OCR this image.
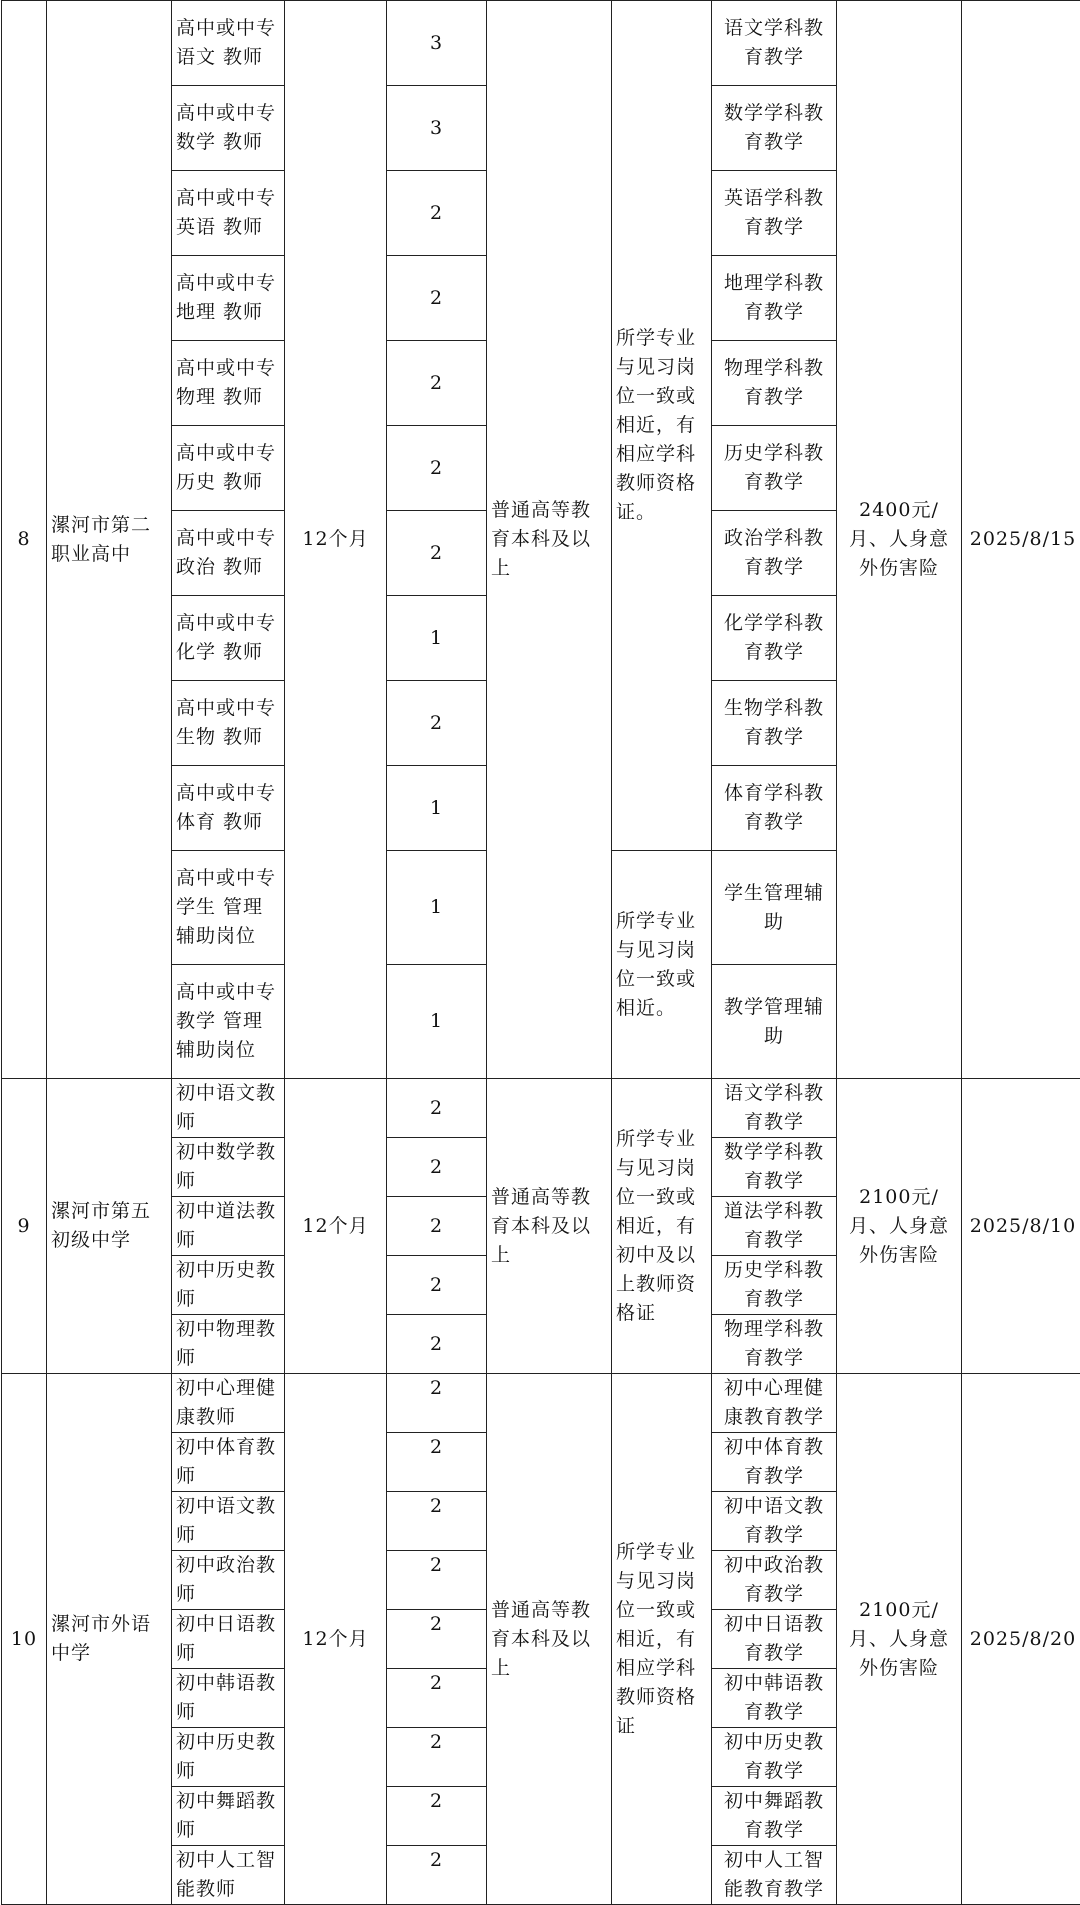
8	漯河市第二职业高中	高中或中专语文 教师	12个月	3	普通高等教育本科及以上	所学专业与见习岗位一致或相近，有相应学科教师资格证。	语文学科教育教学	2400元/月、人身意外伤害险	2025/8/15
		高中或中专数学 教师		3			数学学科教育教学		
		高中或中专英语 教师		2			英语学科教育教学		
		高中或中专地理 教师		2			地理学科教育教学		
		高中或中专物理 教师		2			物理学科教育教学		
		高中或中专历史 教师		2			历史学科教育教学		
		高中或中专政治 教师		2			政治学科教育教学		
		高中或中专化学 教师		1			化学学科教育教学		
		高中或中专生物 教师		2			生物学科教育教学		
		高中或中专体育 教师		1			体育学科教育教学		
		高中或中专学生 管理辅助岗位		1		所学专业与见习岗位一致或相近。	学生管理辅助		
		高中或中专教学 管理辅助岗位		1			教学管理辅助		
9	漯河市第五初级中学	初中语文教师	12个月	2	普通高等教育本科及以上	所学专业与见习岗位一致或相近，有初中及以上教师资格证	语文学科教育教学	2100元/月、人身意外伤害险	2025/8/10
		初中数学教师		2			数学学科教育教学		
		初中道法教师		2			道法学科教育教学		
		初中历史教师		2			历史学科教育教学		
		初中物理教师		2			物理学科教育教学		
10	漯河市外语中学	初中心理健康教师	12个月	2	普通高等教育本科及以上	所学专业与见习岗位一致或相近，有相应学科教师资格证	初中心理健康教育教学	2100元/月、人身意外伤害险	2025/8/20
		初中体育教师		2			初中体育教育教学		
		初中语文教师		2			初中语文教育教学		
		初中政治教师		2			初中政治教育教学		
		初中日语教师		2			初中日语教育教学		
		初中韩语教师		2			初中韩语教育教学		
		初中历史教师		2			初中历史教育教学		
		初中舞蹈教师		2			初中舞蹈教育教学		
		初中人工智能教师		2			初中人工智能教育教学		
